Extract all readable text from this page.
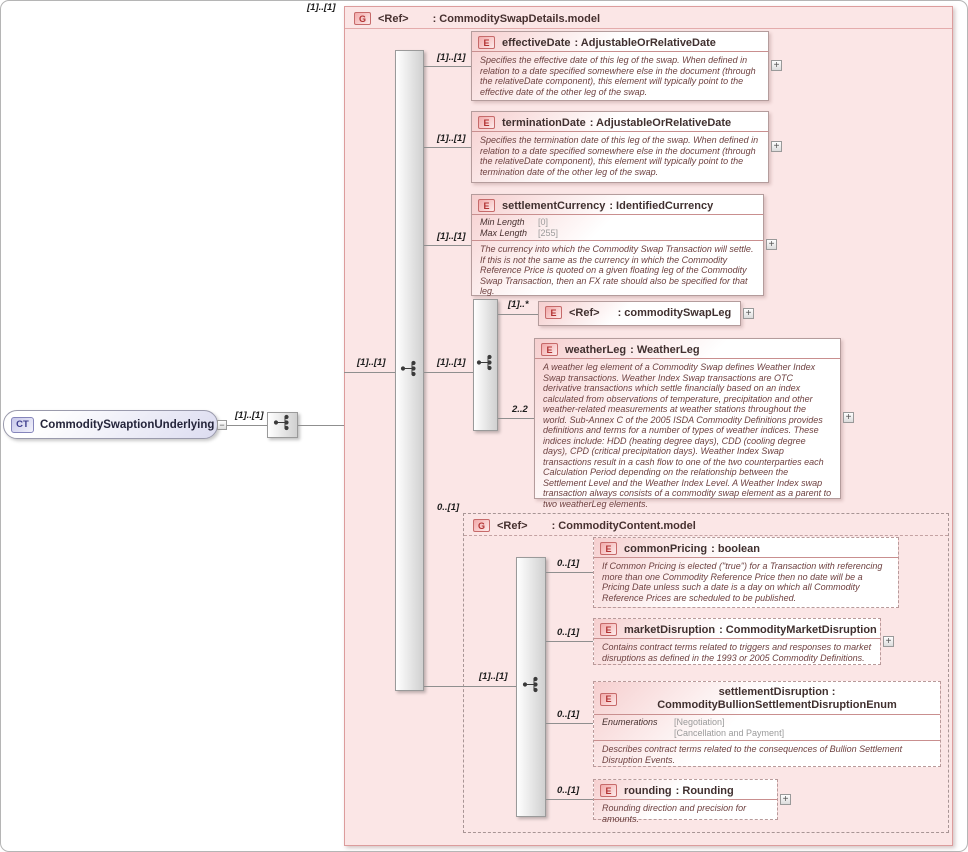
CT CommoditySwaptionUnderlying −
[1]..[1]
[1]..[1]
G	<Ref> : CommoditySwapDetails.model
[1]..[1]
[1]..[1]
E	effectiveDate : AdjustableOrRelativeDate
Specifies the effective date of this leg of the swap. When defined in relation to a date specified somewhere else in the document (through the relativeDate component), this element will typically point to the effective date of the other leg of the swap.
+
[1]..[1]
E	terminationDate : AdjustableOrRelativeDate
Specifies the termination date of this leg of the swap. When defined in relation to a date specified somewhere else in the document (through the relativeDate component), this element will typically point to the termination date of the other leg of the swap.
+
[1]..[1]
E	settlementCurrency : IdentifiedCurrency
Min Length	[0]
Max Length	[255]
The currency into which the Commodity Swap Transaction will settle. If this is not the same as the currency in which the Commodity Reference Price is quoted on a given floating leg of the Commodity Swap Transaction, then an FX rate should also be specified for that leg.
+
[1]..[1]
[1]..*
E	<Ref> : commoditySwapLeg +
2..2
E	weatherLeg : WeatherLeg
A weather leg element of a Commodity Swap defines Weather Index Swap transactions. Weather Index Swap transactions are OTC derivative transactions which settle financially based on an index calculated from observations of temperature, precipitation and other weather-related measurements at weather stations throughout the world. Sub-Annex C of the 2005 ISDA Commodity Definitions provides definitions and terms for a number of types of weather indices. These indices include: HDD (heating degree days), CDD (cooling degree days), CPD (critical precipitation days). Weather Index Swap transactions result in a cash flow to one of the two counterparties each Calculation Period depending on the relationship between the Settlement Level and the Weather Index Level. A Weather Index swap transaction always consists of a commodity swap element as a parent to two weatherLeg elements.
+
0..[1]
G	<Ref> : CommodityContent.model
[1]..[1]
0..[1]
E	commonPricing : boolean
If Common Pricing is elected ("true") for a Transaction with referencing more than one Commodity Reference Price then no date will be a Pricing Date unless such a date is a day on which all Commodity Reference Prices are scheduled to be published.
0..[1]	E	marketDisruption : CommodityMarketDisruption
Contains contract terms related to triggers and responses to market disruptions as defined in the 1993 or 2005 Commodity Definitions.
+
0..[1]
E
settlementDisruption : CommodityBullionSettlementDisruptionEnum
Enumerations	[Negotiation]
[Cancellation and Payment]
Describes contract terms related to the consequences of Bullion Settlement Disruption Events.
0..[1]	E	rounding : Rounding
Rounding direction and precision for amounts.
+
